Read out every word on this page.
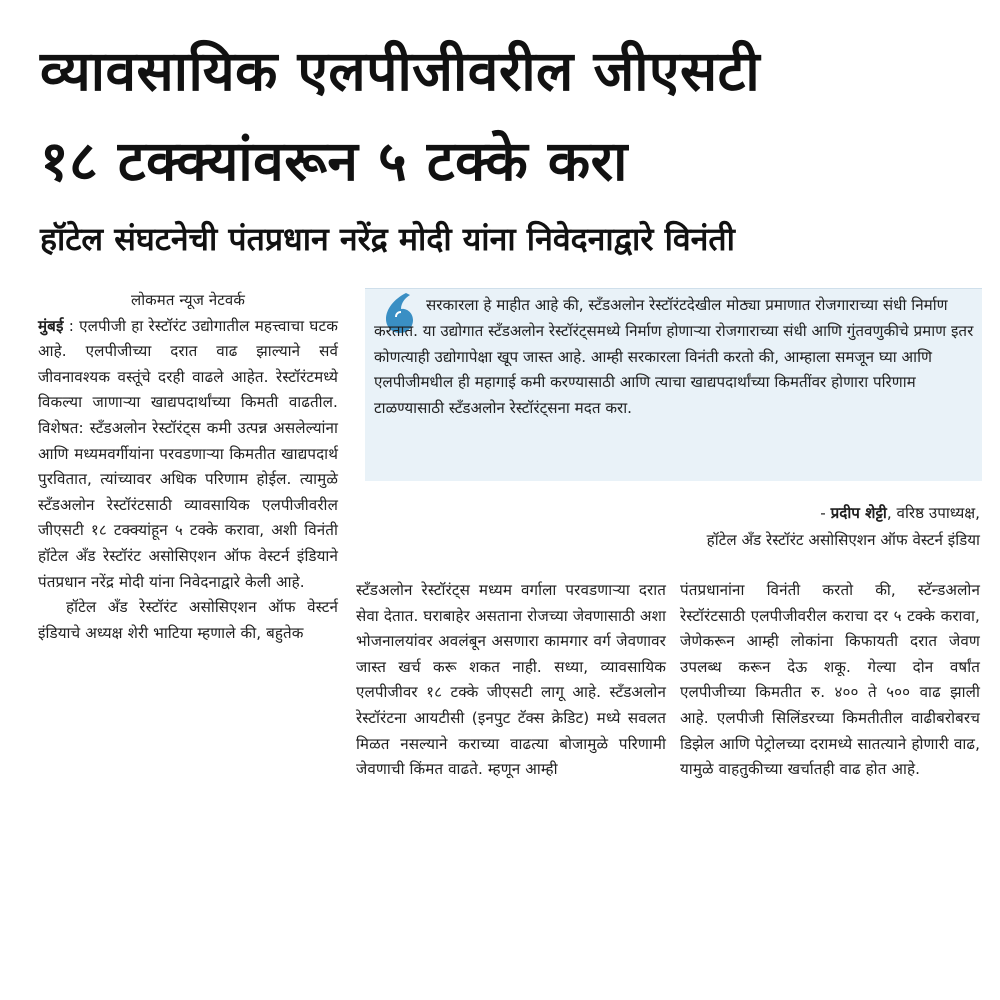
व्यावसायिक एलपीजीवरील जीएसटी
१८ टक्क्यांवरून ५ टक्के करा
हॉटेल संघटनेची पंतप्रधान नरेंद्र मोदी यांना निवेदनाद्वारे विनंती

सरकारला हे माहीत आहे की, स्टँडअलोन रेस्टॉरंटदेखील मोठ्या प्रमाणात रोजगाराच्या संधी निर्माण करतात. या उद्योगात स्टँडअलोन रेस्टॉरंट्समध्ये निर्माण होणाऱ्या रोजगाराच्या संधी आणि गुंतवणुकीचे प्रमाण इतर कोणत्याही उद्योगापेक्षा खूप जास्त आहे. आम्ही सरकारला विनंती करतो की, आम्हाला समजून घ्या आणि एलपीजीमधील ही महागाई कमी करण्यासाठी आणि त्याचा खाद्यपदार्थांच्या किमतींवर होणारा परिणाम टाळण्यासाठी स्टँडअलोन रेस्टॉरंट्सना मदत करा.

- प्रदीप शेट्टी, वरिष्ठ उपाध्यक्ष,
हॉटेल अँड रेस्टॉरंट असोसिएशन ऑफ वेस्टर्न इंडिया
लोकमत न्यूज नेटवर्क

मुंबई : एलपीजी हा रेस्टॉरंट उद्योगातील महत्त्वाचा घटक आहे. एलपीजीच्या दरात वाढ झाल्याने सर्व जीवनावश्यक वस्तूंचे दरही वाढले आहेत. रेस्टॉरंटमध्ये विकल्या जाणाऱ्या खाद्यपदार्थांच्या किमती वाढतील. विशेषत: स्टँडअलोन रेस्टॉरंट्स कमी उत्पन्न असलेल्यांना आणि मध्यमवर्गीयांना परवडणाऱ्या किमतीत खाद्यपदार्थ पुरवितात, त्यांच्यावर अधिक परिणाम होईल. त्यामुळे स्टँडअलोन रेस्टॉरंटसाठी व्यावसायिक एलपीजीवरील जीएसटी १८ टक्क्यांहून ५ टक्के करावा, अशी विनंती हॉटेल अँड रेस्टॉरंट असोसिएशन ऑफ वेस्टर्न इंडियाने पंतप्रधान नरेंद्र मोदी यांना निवेदनाद्वारे केली आहे.

हॉटेल अँड रेस्टॉरंट असोसिएशन ऑफ वेस्टर्न इंडियाचे अध्यक्ष शेरी भाटिया म्हणाले की, बहुतेक

स्टँडअलोन रेस्टॉरंट्स मध्यम वर्गाला परवडणाऱ्या दरात सेवा देतात. घराबाहेर असताना रोजच्या जेवणासाठी अशा भोजनालयांवर अवलंबून असणारा कामगार वर्ग जेवणावर जास्त खर्च करू शकत नाही. सध्या, व्यावसायिक एलपीजीवर १८ टक्के जीएसटी लागू आहे. स्टँडअलोन रेस्टॉरंटना आयटीसी (इनपुट टॅक्स क्रेडिट) मध्ये सवलत मिळत नसल्याने कराच्या वाढत्या बोजामुळे परिणामी जेवणाची किंमत वाढते. म्हणून आम्ही

पंतप्रधानांना विनंती करतो की, स्टॅन्डअलोन रेस्टॉरंटसाठी एलपीजीवरील कराचा दर ५ टक्के करावा, जेणेकरून आम्ही लोकांना किफायती दरात जेवण उपलब्ध करून देऊ शकू. गेल्या दोन वर्षांत एलपीजीच्या किमतीत रु. ४०० ते ५०० वाढ झाली आहे. एलपीजी सिलिंडरच्या किमतीतील वाढीबरोबरच डिझेल आणि पेट्रोलच्या दरामध्ये सातत्याने होणारी वाढ, यामुळे वाहतुकीच्या खर्चातही वाढ होत आहे.
